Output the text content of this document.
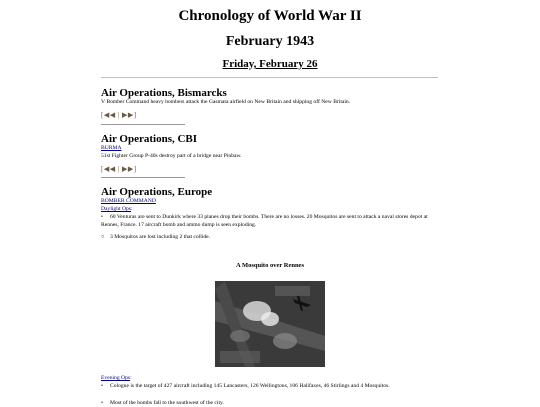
Chronology of World War II
February 1943
Friday, February 26
Air Operations, Bismarcks
V Bomber Command heavy bombers attack the Gasmata airfield on New Britain and shipping off New Britain.
[◀◀ | ▶▶]
Air Operations, CBI
BURMA
51st Fighter Group P-40s destroy part of a bridge near Pinbaw.
[◀◀ | ▶▶]
Air Operations, Europe
BOMBER COMMAND
Daylight Ops:
• 60 Venturas are sent to Dunkirk where 33 planes drop their bombs. There are no losses. 20 Mosquitos are sent to attack a naval stores depot at Rennes, France. 17 aircraft bomb and ammo dump is seen exploding.
○ 3 Mosquitos are lost including 2 that collide.
A Mosquito over Rennes
Evening Ops:
• Cologne is the target of 427 aircraft including 145 Lancasters, 126 Wellingtons, 106 Halifaxes, 46 Stirlings and 4 Mosquitos.
• Most of the bombs fall to the southwest of the city.
